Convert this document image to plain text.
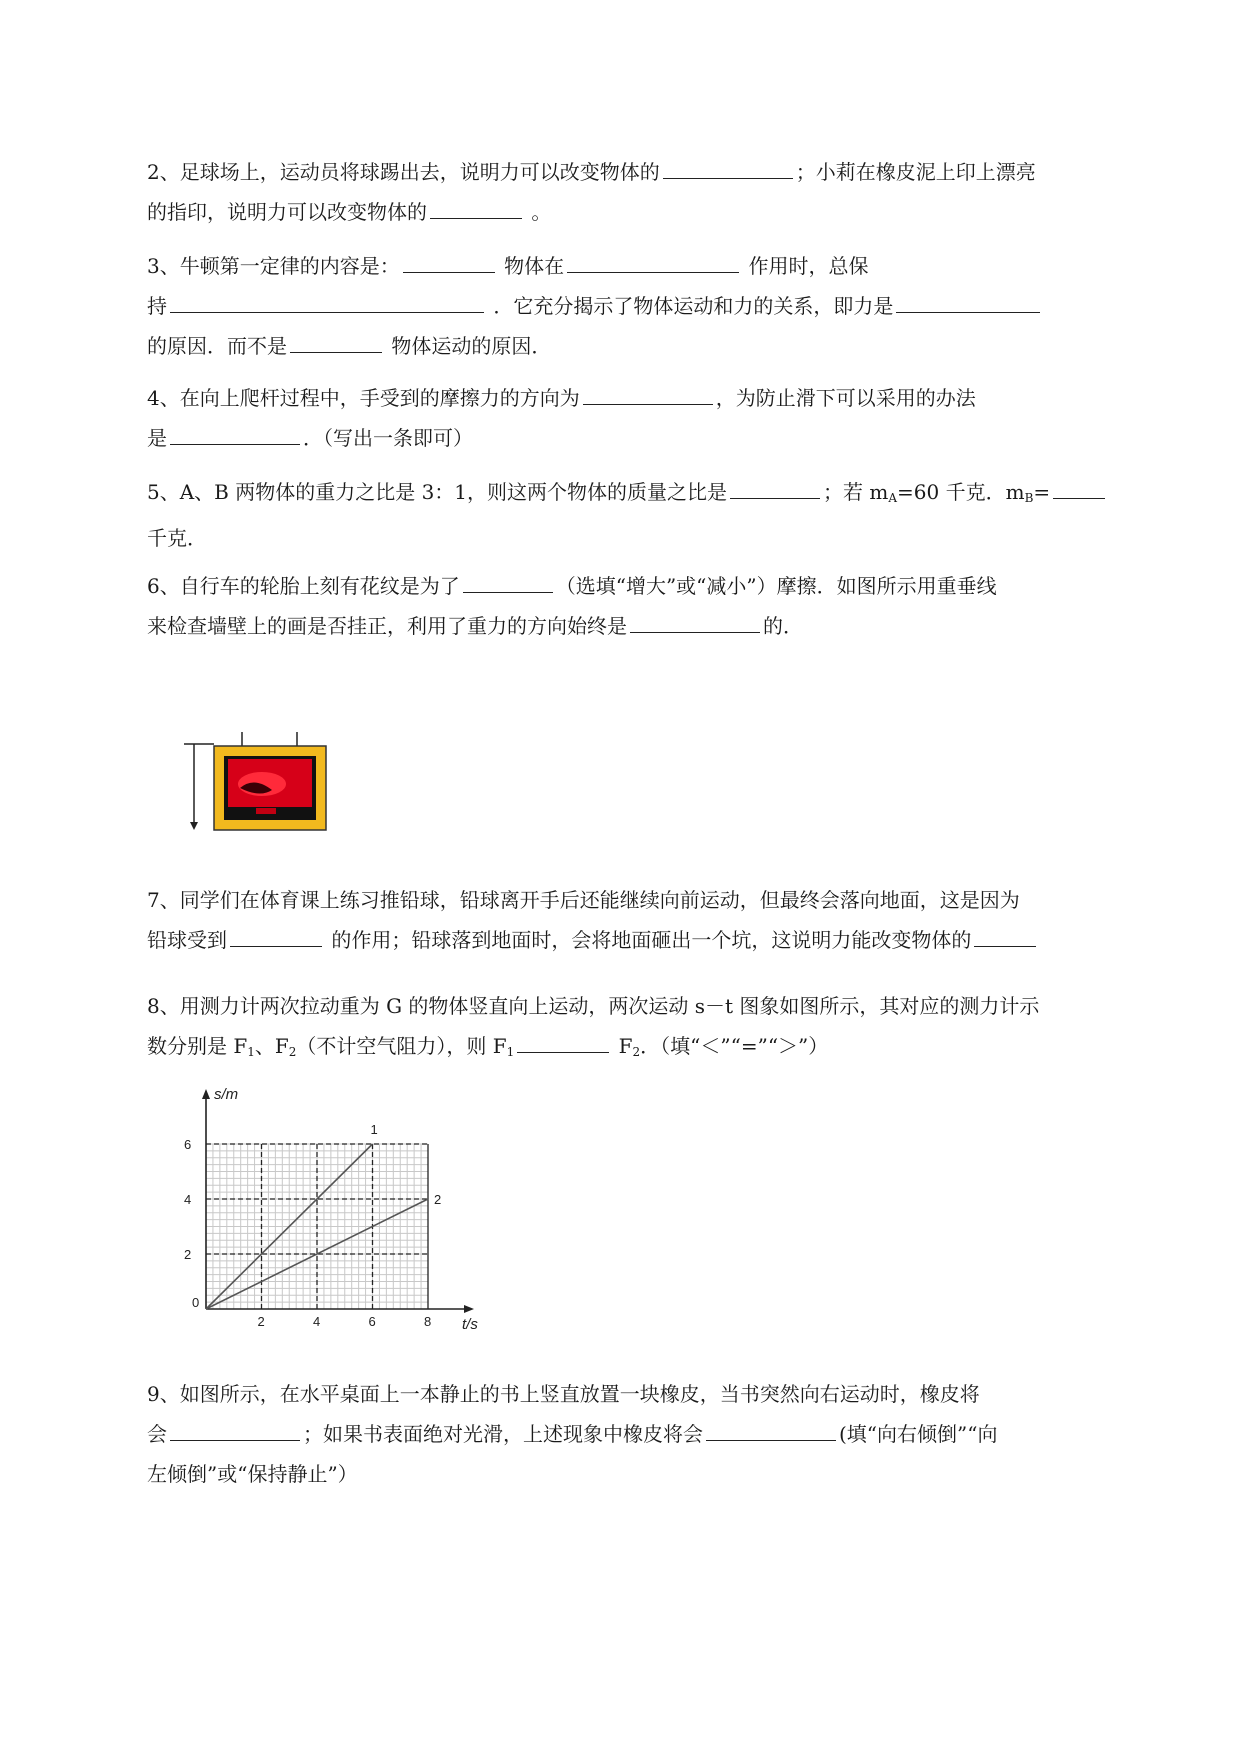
2、足球场上，运动员将球踢出去，说明力可以改变物体的	；小莉在橡皮泥上印上漂亮
的指印，说明力可以改变物体的	。

3、牛顿第一定律的内容是：	物体在	作用时，总保
持	．它充分揭示了物体运动和力的关系，即力是
的原因．而不是	物体运动的原因．

4、在向上爬杆过程中，手受到的摩擦力的方向为	，为防止滑下可以采用的办法
是	．（写出一条即可）

5、A、B 两物体的重力之比是 3：1，则这两个物体的质量之比是	；若 $m_A=60$ 千克．$m_B=$
千克．

6、自行车的轮胎上刻有花纹是为了	（选填“增大”或“减小”）摩擦．如图所示用重垂线
来检查墙壁上的画是否挂正，利用了重力的方向始终是	的．

7、同学们在体育课上练习推铅球，铅球离开手后还能继续向前运动，但最终会落向地面，这是因为
铅球受到	的作用；铅球落到地面时，会将地面砸出一个坑，这说明力能改变物体的

8、用测力计两次拉动重为 G 的物体竖直向上运动，两次运动 s－t 图象如图所示，其对应的测力计示
数分别是 $F_1$、$F_2$（不计空气阻力），则 $F_1$	$F_2$．（填“＜”“=”“＞”）

1
2
0
2	4	6	8
2
4
6
s/m
t/s

9、如图所示，在水平桌面上一本静止的书上竖直放置一块橡皮，当书突然向右运动时，橡皮将
会	；如果书表面绝对光滑，上述现象中橡皮将会	(填“向右倾倒”“向
左倾倒”或“保持静止”）
